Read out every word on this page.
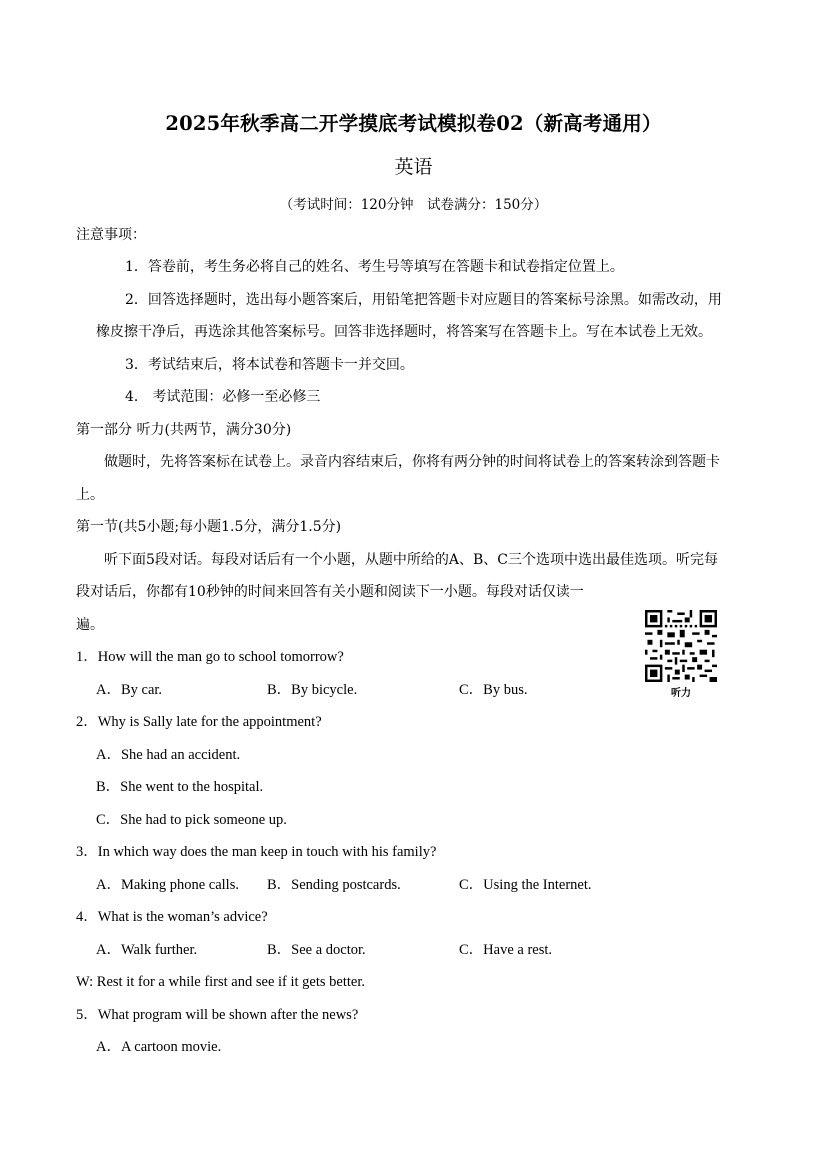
2025年秋季高二开学摸底考试模拟卷02（新高考通用）
英语
（考试时间：120分钟　试卷满分：150分）
注意事项：
1．答卷前，考生务必将自己的姓名、考生号等填写在答题卡和试卷指定位置上。
2．回答选择题时，选出每小题答案后，用铅笔把答题卡对应题目的答案标号涂黑。如需改动，用
橡皮擦干净后，再选涂其他答案标号。回答非选择题时，将答案写在答题卡上。写在本试卷上无效。
3．考试结束后，将本试卷和答题卡一并交回。
4． 考试范围：必修一至必修三
第一部分 听力(共两节，满分30分)
做题时，先将答案标在试卷上。录音内容结束后，你将有两分钟的时间将试卷上的答案转涂到答题卡
上。
第一节(共5小题;每小题1.5分，满分1.5分)
听下面5段对话。每段对话后有一个小题，从题中所给的A、B、C三个选项中选出最佳选项。听完每
段对话后，你都有10秒钟的时间来回答有关小题和阅读下一小题。每段对话仅读一
遍。
听力
1．How will the man go to school tomorrow?
A．By car.	B．By bicycle.	C．By bus.
2．Why is Sally late for the appointment?
A．She had an accident.
B．She went to the hospital.
C．She had to pick someone up.
3．In which way does the man keep in touch with his family?
A．Making phone calls. B．Sending postcards.	C．Using the Internet.
4．What is the woman’s advice?
A．Walk further.	B．See a doctor.	C．Have a rest.
W: Rest it for a while first and see if it gets better.
5．What program will be shown after the news?
A．A cartoon movie.
